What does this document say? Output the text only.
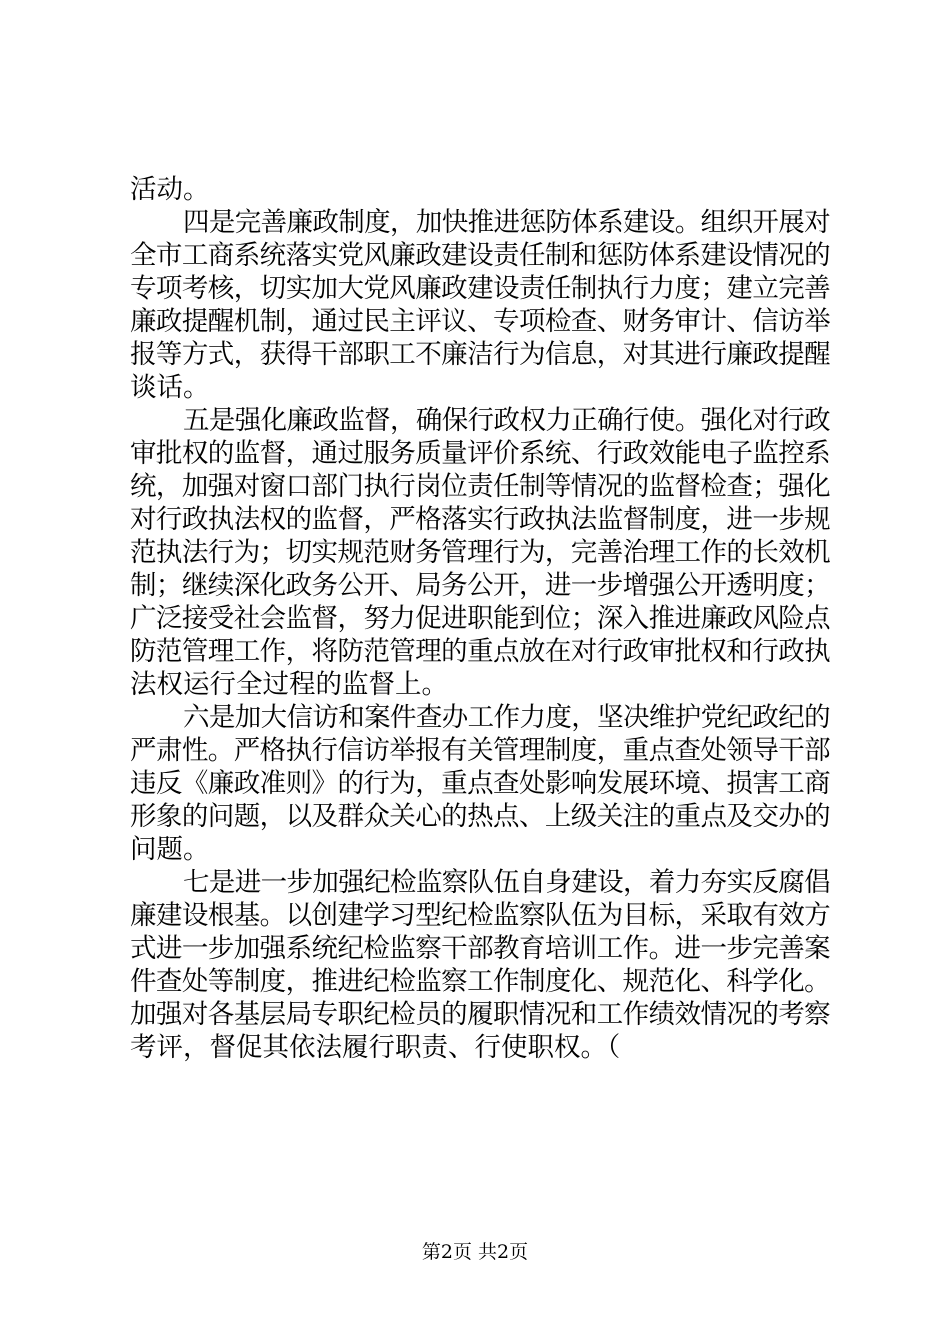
活动。
四是完善廉政制度，加快推进惩防体系建设。组织开展对
全市工商系统落实党风廉政建设责任制和惩防体系建设情况的
专项考核，切实加大党风廉政建设责任制执行力度；建立完善
廉政提醒机制，通过民主评议、专项检查、财务审计、信访举
报等方式，获得干部职工不廉洁行为信息，对其进行廉政提醒
谈话。
五是强化廉政监督，确保行政权力正确行使。强化对行政
审批权的监督，通过服务质量评价系统、行政效能电子监控系
统，加强对窗口部门执行岗位责任制等情况的监督检查；强化
对行政执法权的监督，严格落实行政执法监督制度，进一步规
范执法行为；切实规范财务管理行为，完善治理工作的长效机
制；继续深化政务公开、局务公开，进一步增强公开透明度；
广泛接受社会监督，努力促进职能到位；深入推进廉政风险点
防范管理工作，将防范管理的重点放在对行政审批权和行政执
法权运行全过程的监督上。
六是加大信访和案件查办工作力度，坚决维护党纪政纪的
严肃性。严格执行信访举报有关管理制度，重点查处领导干部
违反《廉政准则》的行为，重点查处影响发展环境、损害工商
形象的问题，以及群众关心的热点、上级关注的重点及交办的
问题。
七是进一步加强纪检监察队伍自身建设，着力夯实反腐倡
廉建设根基。以创建学习型纪检监察队伍为目标，采取有效方
式进一步加强系统纪检监察干部教育培训工作。进一步完善案
件查处等制度，推进纪检监察工作制度化、规范化、科学化。
加强对各基层局专职纪检员的履职情况和工作绩效情况的考察
考评，督促其依法履行职责、行使职权。（
第2页 共2页
